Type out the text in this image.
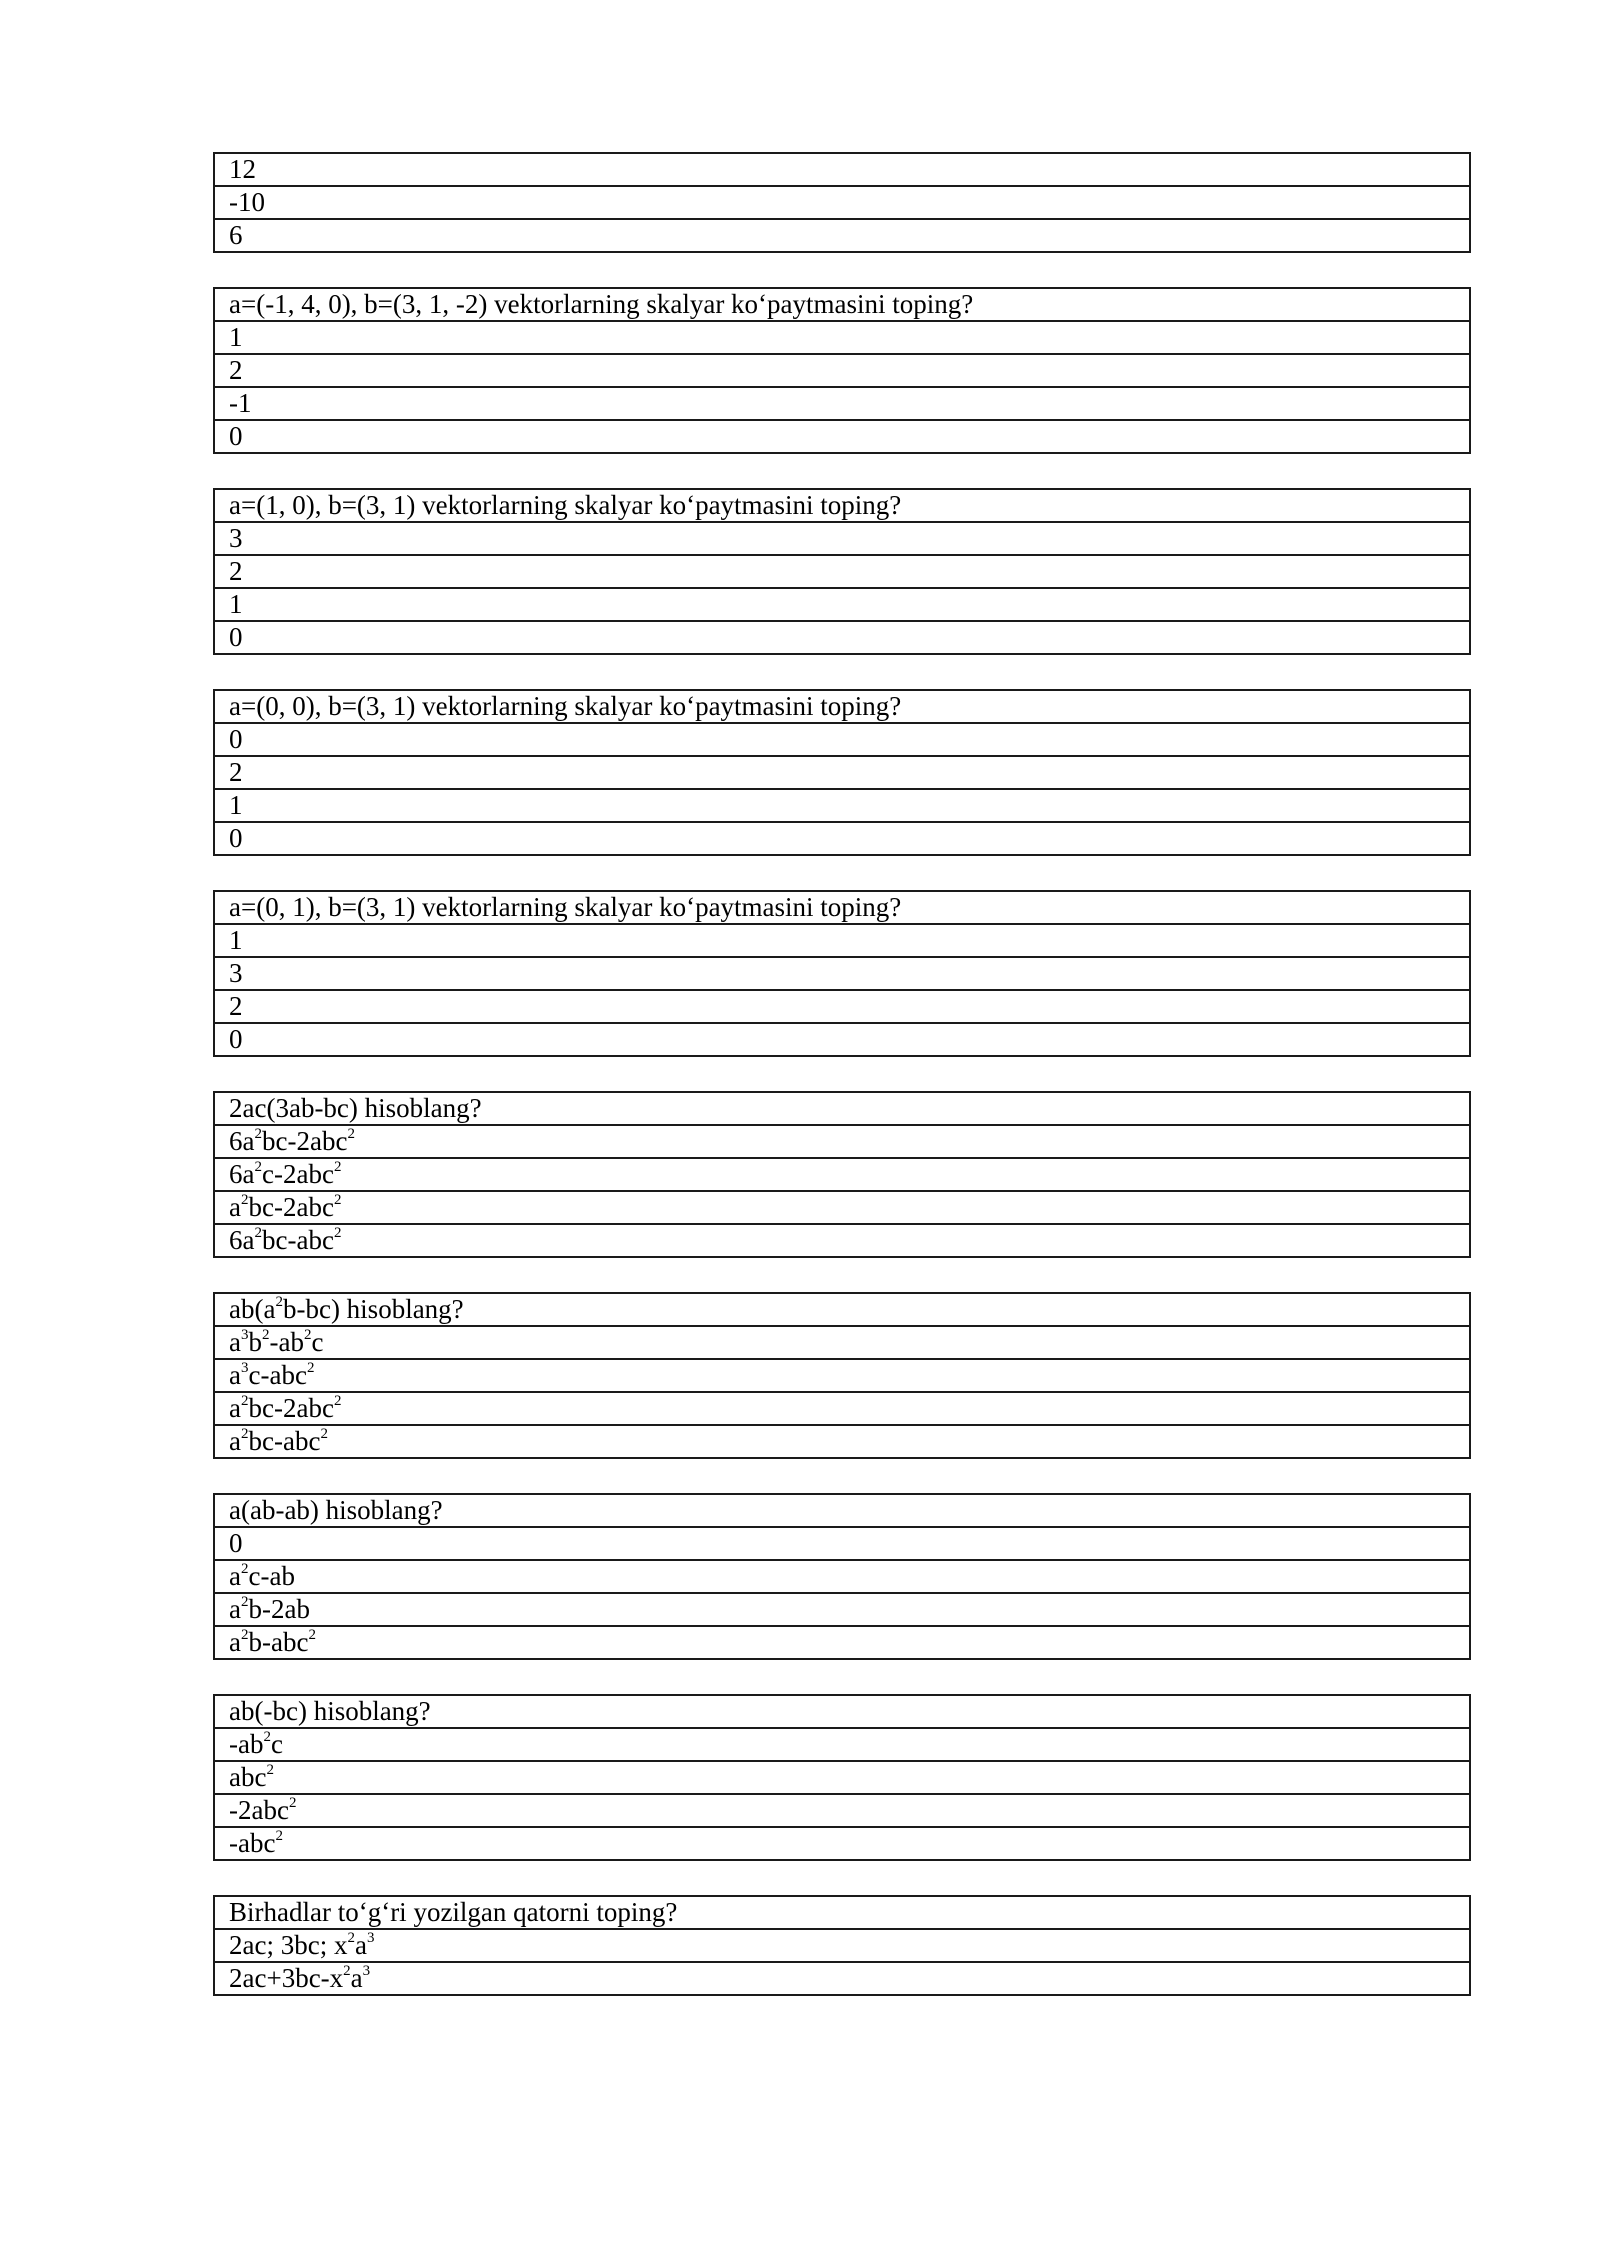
12
-10
6
a=(-1, 4, 0), b=(3, 1, -2) vektorlarning skalyar ko‘paytmasini toping?
1
2
-1
0
a=(1, 0), b=(3, 1) vektorlarning skalyar ko‘paytmasini toping?
3
2
1
0
a=(0, 0), b=(3, 1) vektorlarning skalyar ko‘paytmasini toping?
0
2
1
0
a=(0, 1), b=(3, 1) vektorlarning skalyar ko‘paytmasini toping?
1
3
2
0
2ac(3ab-bc) hisoblang?
$6a^2bc-2abc^2$
$6a^2c-2abc^2$
$a^2bc-2abc^2$
$6a^2bc-abc^2$
$ab(a^2b-bc)$ hisoblang?
$a^3b^2-ab^2c$
$a^3c-abc^2$
$a^2bc-2abc^2$
$a^2bc-abc^2$
a(ab-ab) hisoblang?
0
$a^2c-ab$
$a^2b-2ab$
$a^2b-abc^2$
ab(-bc) hisoblang?
$-ab^2c$
abc$^2$
-2abc$^2$
-abc$^2$
Birhadlar to‘g‘ri yozilgan qatorni toping?
2ac; 3bc; $x^2a^3$
$2ac+3bc-x^2a^3$
